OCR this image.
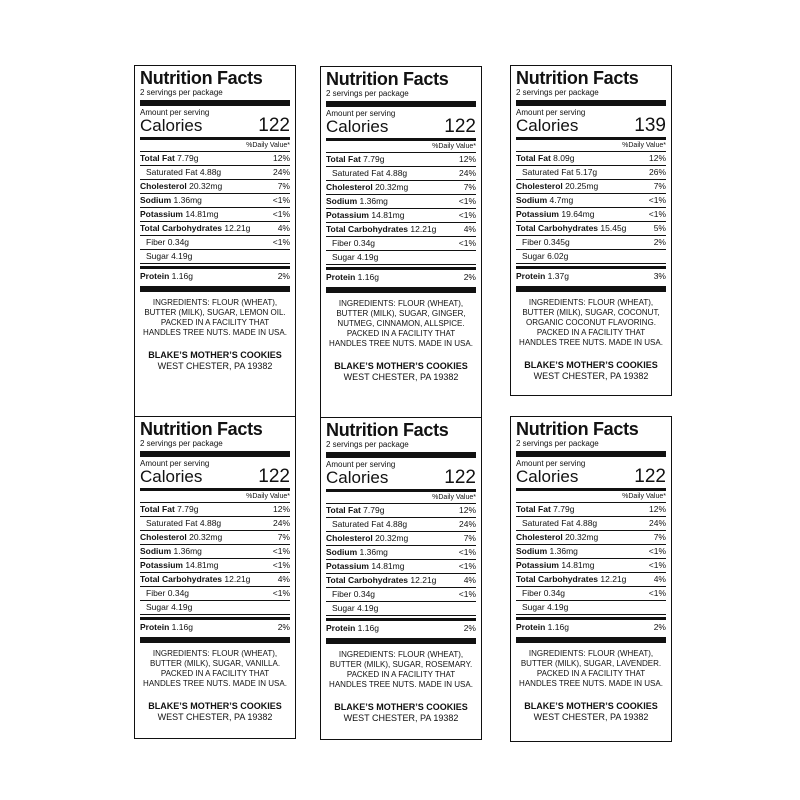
Nutrition Facts
2 servings per package
Amount per serving
Calories	122
%Daily Value*
Total Fat 7.79g	12%
Saturated Fat 4.88g	24%
Cholesterol 20.32mg	7%
Sodium 1.36mg	<1%
Potassium 14.81mg	<1%
Total Carbohydrates 12.21g	4%
Fiber 0.34g	<1%
Sugar 4.19g
Protein 1.16g	2%
INGREDIENTS: FLOUR (WHEAT), BUTTER (MILK), SUGAR, LEMON OIL. PACKED IN A FACILITY THAT HANDLES TREE NUTS. MADE IN USA.
BLAKE’S MOTHER’S COOKIES
WEST CHESTER, PA 19382
Nutrition Facts
2 servings per package
Amount per serving
Calories	122
%Daily Value*
Total Fat 7.79g	12%
Saturated Fat 4.88g	24%
Cholesterol 20.32mg	7%
Sodium 1.36mg	<1%
Potassium 14.81mg	<1%
Total Carbohydrates 12.21g	4%
Fiber 0.34g	<1%
Sugar 4.19g
Protein 1.16g	2%
INGREDIENTS: FLOUR (WHEAT), BUTTER (MILK), SUGAR, GINGER, NUTMEG, CINNAMON, ALLSPICE. PACKED IN A FACILITY THAT HANDLES TREE NUTS. MADE IN USA.
BLAKE’S MOTHER’S COOKIES
WEST CHESTER, PA 19382
Nutrition Facts
2 servings per package
Amount per serving
Calories	139
%Daily Value*
Total Fat 8.09g	12%
Saturated Fat 5.17g	26%
Cholesterol 20.25mg	7%
Sodium 4.7mg	<1%
Potassium 19.64mg	<1%
Total Carbohydrates 15.45g	5%
Fiber 0.345g	2%
Sugar 6.02g
Protein 1.37g	3%
INGREDIENTS: FLOUR (WHEAT), BUTTER (MILK), SUGAR, COCONUT, ORGANIC COCONUT FLAVORING. PACKED IN A FACILITY THAT HANDLES TREE NUTS. MADE IN USA.
BLAKE’S MOTHER’S COOKIES
WEST CHESTER, PA 19382
Nutrition Facts
2 servings per package
Amount per serving
Calories	122
%Daily Value*
Total Fat 7.79g	12%
Saturated Fat 4.88g	24%
Cholesterol 20.32mg	7%
Sodium 1.36mg	<1%
Potassium 14.81mg	<1%
Total Carbohydrates 12.21g	4%
Fiber 0.34g	<1%
Sugar 4.19g
Protein 1.16g	2%
INGREDIENTS: FLOUR (WHEAT), BUTTER (MILK), SUGAR, VANILLA. PACKED IN A FACILITY THAT HANDLES TREE NUTS. MADE IN USA.
BLAKE’S MOTHER’S COOKIES
WEST CHESTER, PA 19382
Nutrition Facts
2 servings per package
Amount per serving
Calories	122
%Daily Value*
Total Fat 7.79g	12%
Saturated Fat 4.88g	24%
Cholesterol 20.32mg	7%
Sodium 1.36mg	<1%
Potassium 14.81mg	<1%
Total Carbohydrates 12.21g	4%
Fiber 0.34g	<1%
Sugar 4.19g
Protein 1.16g	2%
INGREDIENTS: FLOUR (WHEAT), BUTTER (MILK), SUGAR, ROSEMARY. PACKED IN A FACILITY THAT HANDLES TREE NUTS. MADE IN USA.
BLAKE’S MOTHER’S COOKIES
WEST CHESTER, PA 19382
Nutrition Facts
2 servings per package
Amount per serving
Calories	122
%Daily Value*
Total Fat 7.79g	12%
Saturated Fat 4.88g	24%
Cholesterol 20.32mg	7%
Sodium 1.36mg	<1%
Potassium 14.81mg	<1%
Total Carbohydrates 12.21g	4%
Fiber 0.34g	<1%
Sugar 4.19g
Protein 1.16g	2%
INGREDIENTS: FLOUR (WHEAT), BUTTER (MILK), SUGAR, LAVENDER. PACKED IN A FACILITY THAT HANDLES TREE NUTS. MADE IN USA.
BLAKE’S MOTHER’S COOKIES
WEST CHESTER, PA 19382
